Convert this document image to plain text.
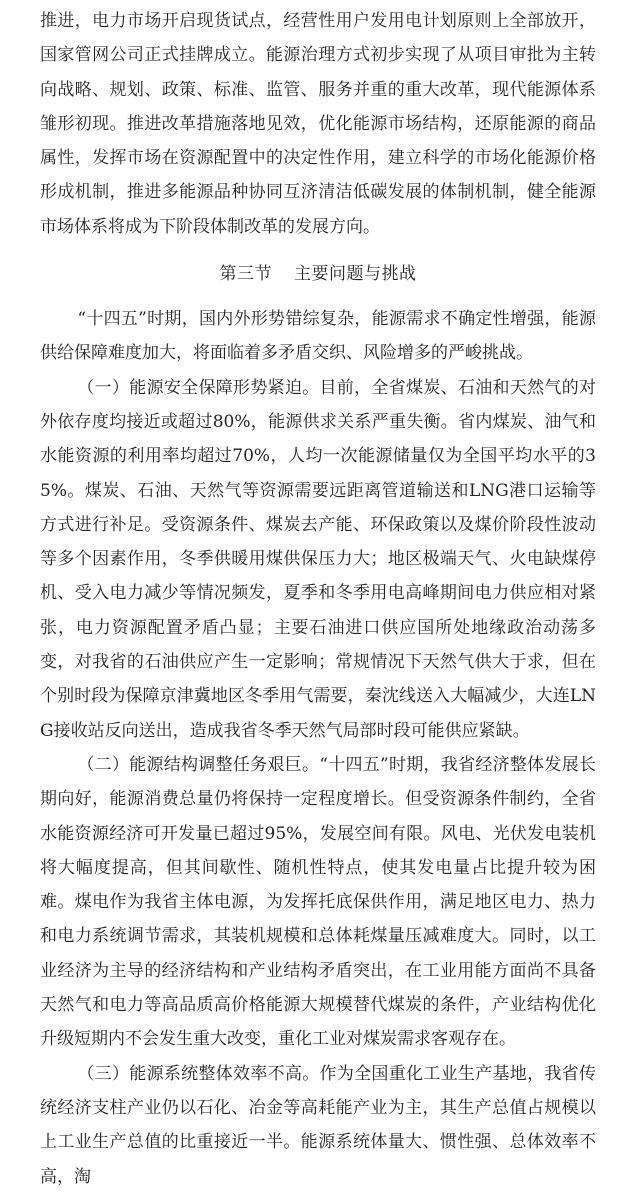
推进，电力市场开启现货试点，经营性用户发用电计划原则上全部放开，国家管网公司正式挂牌成立。能源治理方式初步实现了从项目审批为主转向战略、规划、政策、标准、监管、服务并重的重大改革，现代能源体系雏形初现。推进改革措施落地见效，优化能源市场结构，还原能源的商品属性，发挥市场在资源配置中的决定性作用，建立科学的市场化能源价格形成机制，推进多能源品种协同互济清洁低碳发展的体制机制，健全能源市场体系将成为下阶段体制改革的发展方向。

第三节 主要问题与挑战

“十四五”时期，国内外形势错综复杂，能源需求不确定性增强，能源供给保障难度加大，将面临着多矛盾交织、风险增多的严峻挑战。

（一）能源安全保障形势紧迫。目前，全省煤炭、石油和天然气的对外依存度均接近或超过80%，能源供求关系严重失衡。省内煤炭、油气和水能资源的利用率均超过70%，人均一次能源储量仅为全国平均水平的35%。煤炭、石油、天然气等资源需要远距离管道输送和LNG港口运输等方式进行补足。受资源条件、煤炭去产能、环保政策以及煤价阶段性波动等多个因素作用，冬季供暖用煤供保压力大；地区极端天气、火电缺煤停机、受入电力减少等情况频发，夏季和冬季用电高峰期间电力供应相对紧张，电力资源配置矛盾凸显；主要石油进口供应国所处地缘政治动荡多变，对我省的石油供应产生一定影响；常规情况下天然气供大于求，但在个别时段为保障京津冀地区冬季用气需要，秦沈线送入大幅减少，大连LNG接收站反向送出，造成我省冬季天然气局部时段可能供应紧缺。

（二）能源结构调整任务艰巨。“十四五”时期，我省经济整体发展长期向好，能源消费总量仍将保持一定程度增长。但受资源条件制约，全省水能资源经济可开发量已超过95%，发展空间有限。风电、光伏发电装机将大幅度提高，但其间歇性、随机性特点，使其发电量占比提升较为困难。煤电作为我省主体电源，为发挥托底保供作用，满足地区电力、热力和电力系统调节需求，其装机规模和总体耗煤量压减难度大。同时，以工业经济为主导的经济结构和产业结构矛盾突出，在工业用能方面尚不具备天然气和电力等高品质高价格能源大规模替代煤炭的条件，产业结构优化升级短期内不会发生重大改变，重化工业对煤炭需求客观存在。

（三）能源系统整体效率不高。作为全国重化工业生产基地，我省传统经济支柱产业仍以石化、冶金等高耗能产业为主，其生产总值占规模以上工业生产总值的比重接近一半。能源系统体量大、惯性强、总体效率不高，淘
